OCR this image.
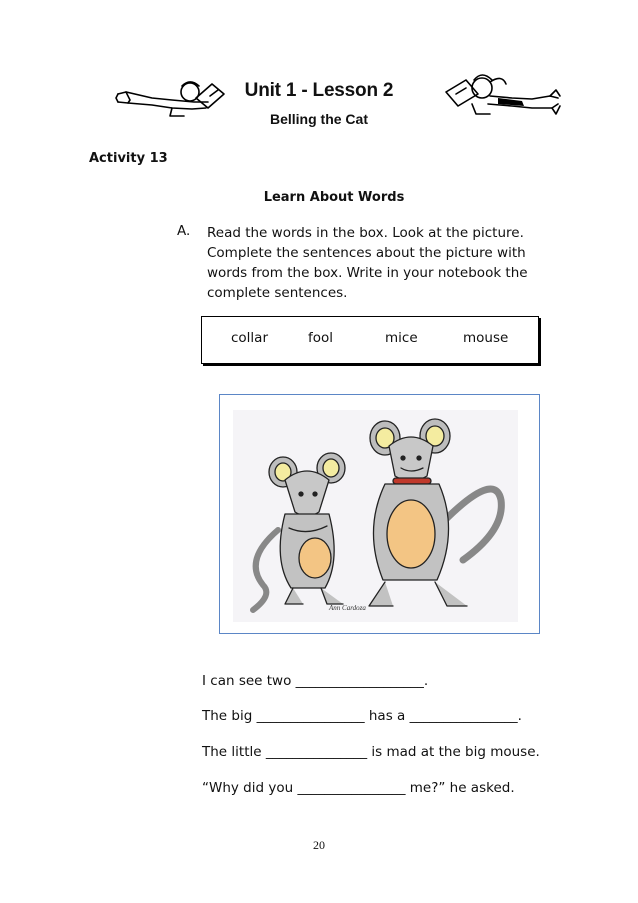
Unit 1 - Lesson 2
Belling the Cat
Activity 13
Learn About Words
A. Read the words in the box. Look at the picture.
Complete the sentences about the picture with
words from the box. Write in your notebook the
complete sentences.
collar	fool	mice	mouse
Ann Cardoza
I can see two ___________________.
The big ________________ has a ________________.
The little _______________ is mad at the big mouse.
“Why did you ________________ me?” he asked.
20
